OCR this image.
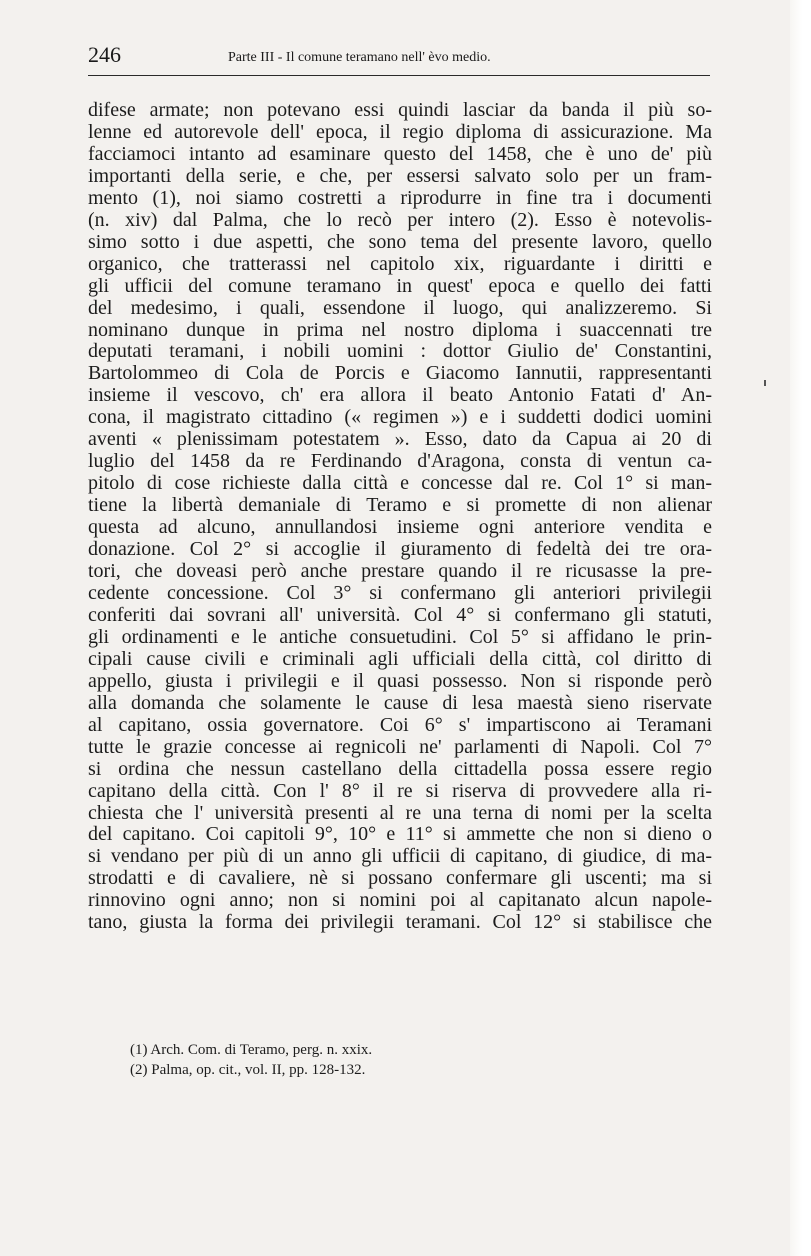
246	Parte III - Il comune teramano nell' èvo medio.
difese armate; non potevano essi quindi lasciar da banda il più so-
lenne ed autorevole dell' epoca, il regio diploma di assicurazione. Ma
facciamoci intanto ad esaminare questo del 1458, che è uno de' più
importanti della serie, e che, per essersi salvato solo per un fram-
mento (1), noi siamo costretti a riprodurre in fine tra i documenti
(n. xiv) dal Palma, che lo recò per intero (2). Esso è notevolis-
simo sotto i due aspetti, che sono tema del presente lavoro, quello
organico, che tratterassi nel capitolo xix, riguardante i diritti e
gli ufficii del comune teramano in quest' epoca e quello dei fatti
del medesimo, i quali, essendone il luogo, qui analizzeremo. Si
nominano dunque in prima nel nostro diploma i suaccennati tre
deputati teramani, i nobili uomini : dottor Giulio de' Constantini,
Bartolommeo di Cola de Porcis e Giacomo Iannutii, rappresentanti
insieme il vescovo, ch' era allora il beato Antonio Fatati d' An-
cona, il magistrato cittadino (« regimen ») e i suddetti dodici uomini
aventi « plenissimam potestatem ». Esso, dato da Capua ai 20 di
luglio del 1458 da re Ferdinando d'Aragona, consta di ventun ca-
pitolo di cose richieste dalla città e concesse dal re. Col 1° si man-
tiene la libertà demaniale di Teramo e si promette di non alienar
questa ad alcuno, annullandosi insieme ogni anteriore vendita e
donazione. Col 2° si accoglie il giuramento di fedeltà dei tre ora-
tori, che doveasi però anche prestare quando il re ricusasse la pre-
cedente concessione. Col 3° si confermano gli anteriori privilegii
conferiti dai sovrani all' università. Col 4° si confermano gli statuti,
gli ordinamenti e le antiche consuetudini. Col 5° si affidano le prin-
cipali cause civili e criminali agli ufficiali della città, col diritto di
appello, giusta i privilegii e il quasi possesso. Non si risponde però
alla domanda che solamente le cause di lesa maestà sieno riservate
al capitano, ossia governatore. Coi 6° s' impartiscono ai Teramani
tutte le grazie concesse ai regnicoli ne' parlamenti di Napoli. Col 7°
si ordina che nessun castellano della cittadella possa essere regio
capitano della città. Con l' 8° il re si riserva di provvedere alla ri-
chiesta che l' università presenti al re una terna di nomi per la scelta
del capitano. Coi capitoli 9°, 10° e 11° si ammette che non si dieno o
si vendano per più di un anno gli ufficii di capitano, di giudice, di ma-
strodatti e di cavaliere, nè si possano confermare gli uscenti; ma si
rinnovino ogni anno; non si nomini poi al capitanato alcun napole-
tano, giusta la forma dei privilegii teramani. Col 12° si stabilisce che
(1) Arch. Com. di Teramo, perg. n. xxix.
(2) Palma, op. cit., vol. II, pp. 128-132.
